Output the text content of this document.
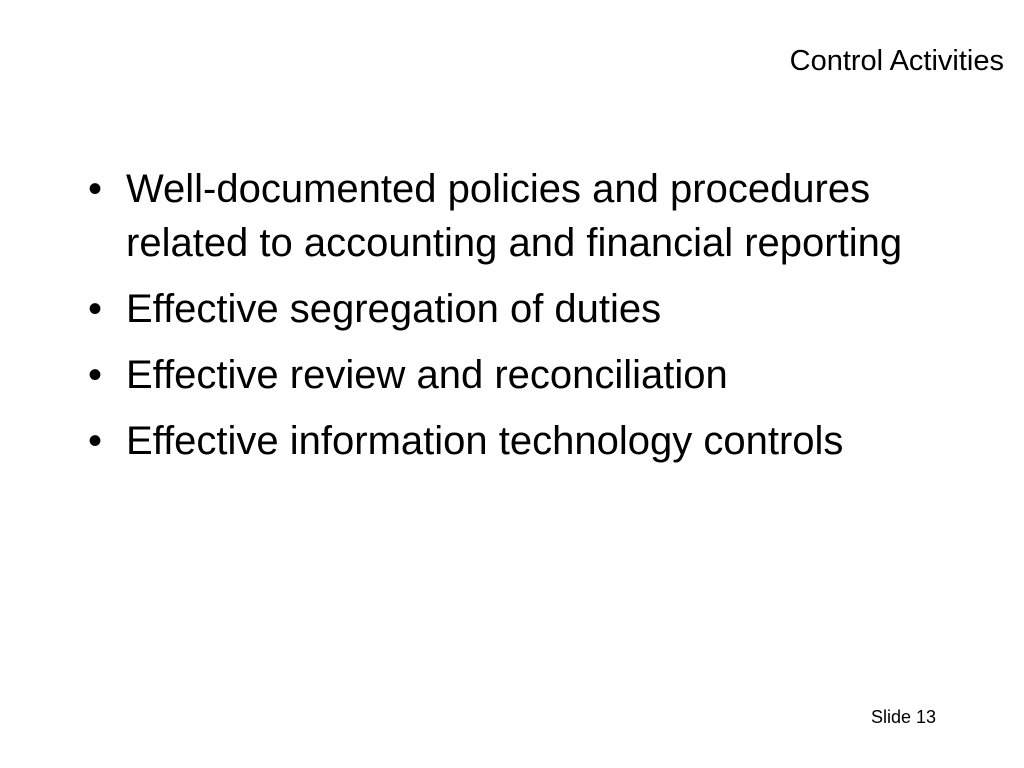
Control Activities
• Well-documented policies and procedures related to accounting and financial reporting
• Effective segregation of duties
• Effective review and reconciliation
• Effective information technology controls
Slide 13
